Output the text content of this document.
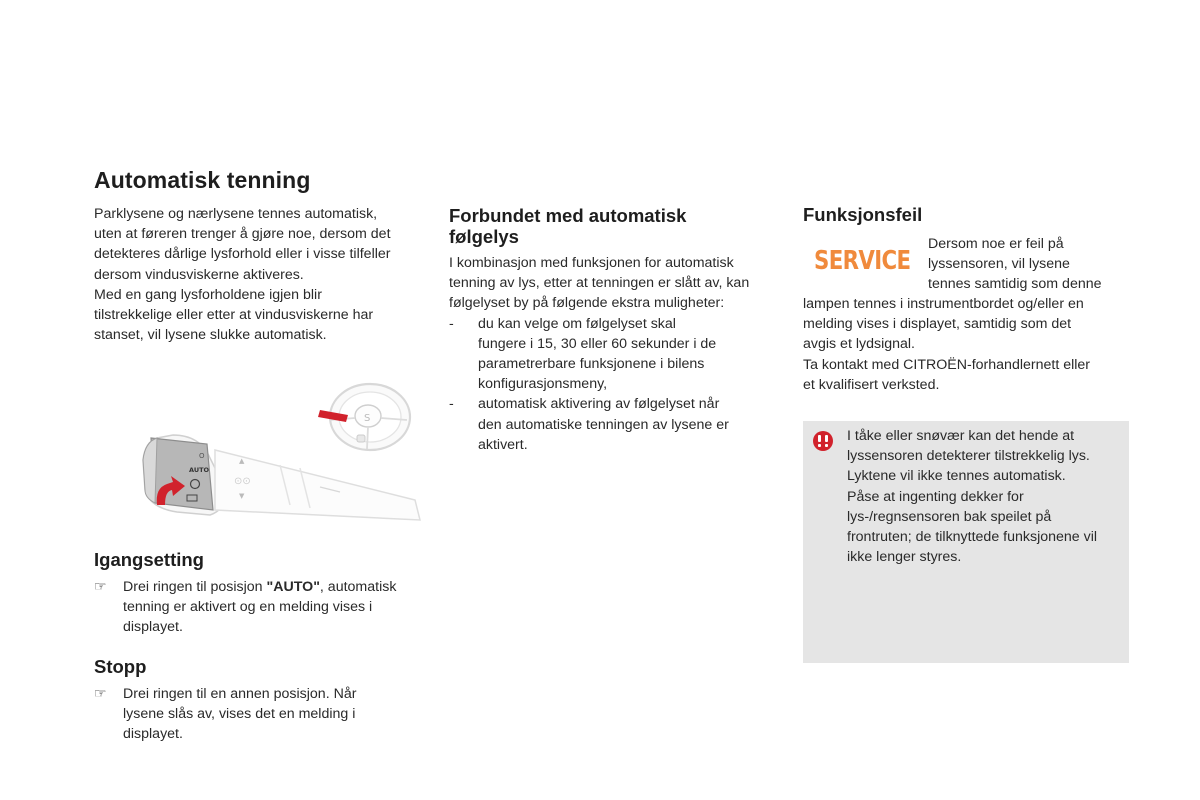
Automatisk tenning

Parklysene og nærlysene tennes automatisk,

uten at føreren trenger å gjøre noe, dersom det

detekteres dårlige lysforhold eller i visse tilfeller

dersom vindusviskerne aktiveres.

Med en gang lysforholdene igjen blir

tilstrekkelige eller etter at vindusviskerne har

stanset, vil lysene slukke automatisk.

S
▲
⊙⊙
▼
O
AUTO
Igangsetting
☞ Drei ringen til posisjon "AUTO", automatisk
tenning er aktivert og en melding vises i
displayet.
Stopp
☞ Drei ringen til en annen posisjon. Når
lysene slås av, vises det en melding i
displayet.
Forbundet med automatisk
følgelys

I kombinasjon med funksjonen for automatisk

tenning av lys, etter at tenningen er slått av, kan

følgelyset by på følgende ekstra muligheter:

- du kan velge om følgelyset skal
fungere i 15, 30 eller 60 sekunder i de
parametrerbare funksjonene i bilens
konfigurasjonsmeny,
- automatisk aktivering av følgelyset når
den automatiske tenningen av lysene er
aktivert.
Funksjonsfeil
SERVICE

Dersom noe er feil på

lyssensoren, vil lysene

tennes samtidig som denne

lampen tennes i instrumentbordet og/eller en

melding vises i displayet, samtidig som det

avgis et lydsignal.

Ta kontakt med CITROËN-forhandlernett eller

et kvalifisert verksted.

I tåke eller snøvær kan det hende at

lyssensoren detekterer tilstrekkelig lys.

Lyktene vil ikke tennes automatisk.

Påse at ingenting dekker for

lys-/regnsensoren bak speilet på

frontruten; de tilknyttede funksjonene vil

ikke lenger styres.
